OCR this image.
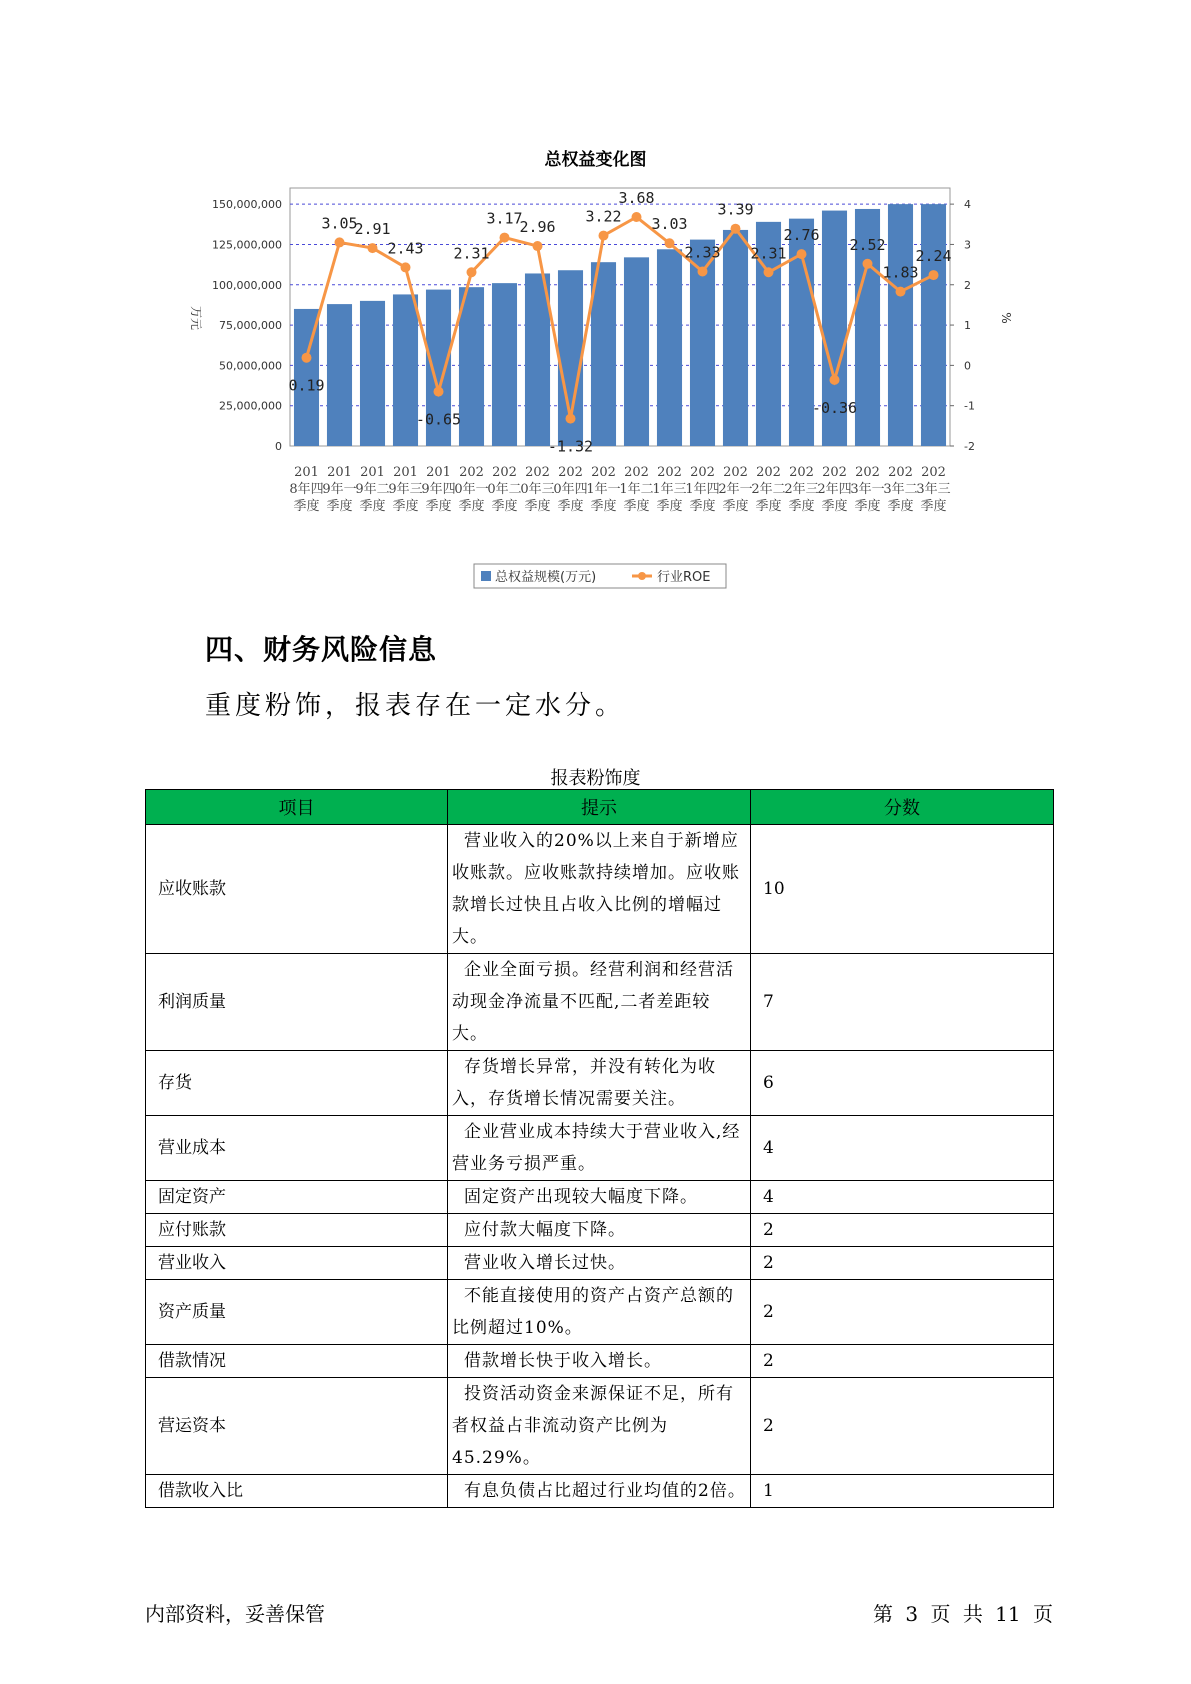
总权益变化图
0
25,000,000
50,000,000
75,000,000
100,000,000
125,000,000
150,000,000
-2
-1
0
1
2
3
4
万元	%
0.19
3.05
2.91
2.43
-0.65
2.31
3.17
2.96
-1.32
3.22
3.68
3.03
2.33
3.39
2.31
2.76
-0.36
2.52
1.83
2.24
201 8年四季度
201 9年一季度
201 9年二季度
201 9年三季度
201 9年四季度
202 0年一季度
202 0年二季度
202 0年三季度
202 0年四季度
202 1年一季度
202 1年二季度
202 1年三季度
202 1年四季度
202 2年一季度
202 2年二季度
202 2年三季度
202 2年四季度
202 3年一季度
202 3年二季度
202 3年三季度
总权益规模(万元)	行业ROE
四、财务风险信息
重度粉饰，报表存在一定水分。
报表粉饰度
项目	提示	分数
应收账款	营业收入的20%以上来自于新增应收账款。应收账款持续增加。应收账款增长过快且占收入比例的增幅过大。	10
利润质量	企业全面亏损。经营利润和经营活动现金净流量不匹配,二者差距较大。	7
存货	存货增长异常，并没有转化为收入，存货增长情况需要关注。	6
营业成本	企业营业成本持续大于营业收入,经营业务亏损严重。	4
固定资产	固定资产出现较大幅度下降。	4
应付账款	应付款大幅度下降。	2
营业收入	营业收入增长过快。	2
资产质量	不能直接使用的资产占资产总额的比例超过10%。	2
借款情况	借款增长快于收入增长。	2
营运资本	投资活动资金来源保证不足，所有者权益占非流动资产比例为45.29%。	2
借款收入比	有息负债占比超过行业均值的2倍。	1
内部资料，妥善保管	第 3 页 共 11 页
